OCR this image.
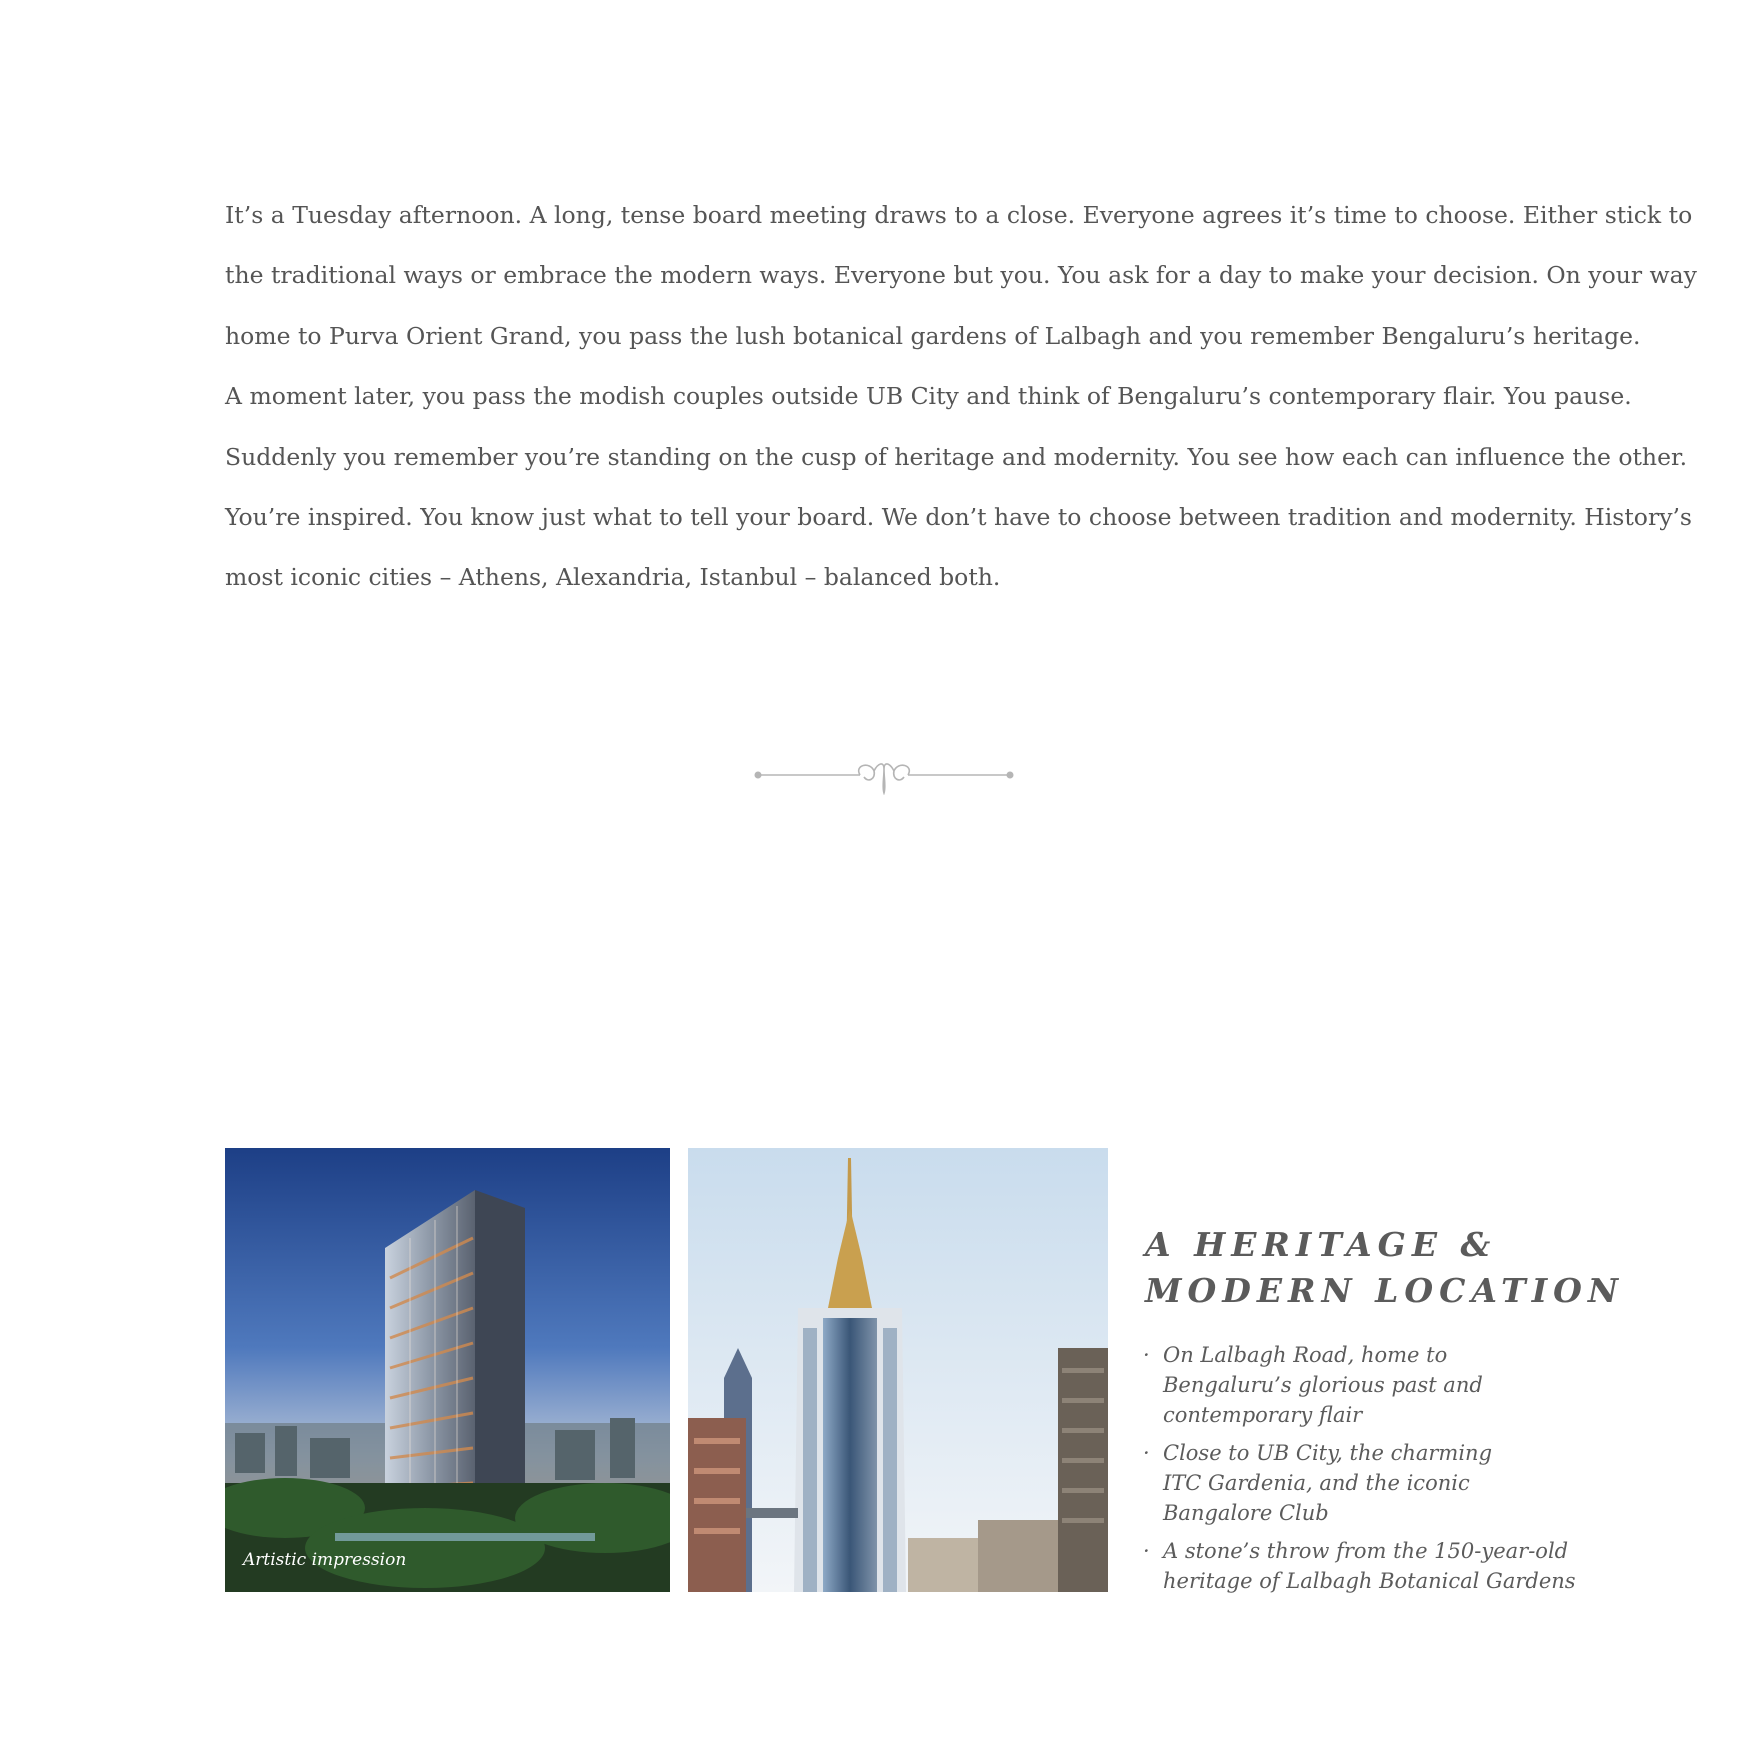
It’s a Tuesday afternoon. A long, tense board meeting draws to a close. Everyone agrees it’s time to choose. Either stick to
the traditional ways or embrace the modern ways. Everyone but you. You ask for a day to make your decision. On your way
home to Purva Orient Grand, you pass the lush botanical gardens of Lalbagh and you remember Bengaluru’s heritage.
A moment later, you pass the modish couples outside UB City and think of Bengaluru’s contemporary flair. You pause.
Suddenly you remember you’re standing on the cusp of heritage and modernity. You see how each can influence the other.
You’re inspired. You know just what to tell your board. We don’t have to choose between tradition and modernity. History’s
most iconic cities – Athens, Alexandria, Istanbul – balanced both.
Artistic impression
A HERITAGE &
MODERN LOCATION
· On Lalbagh Road, home to
Bengaluru’s glorious past and
contemporary flair
· Close to UB City, the charming
ITC Gardenia, and the iconic
Bangalore Club
· A stone’s throw from the 150-year-old
heritage of Lalbagh Botanical Gardens
